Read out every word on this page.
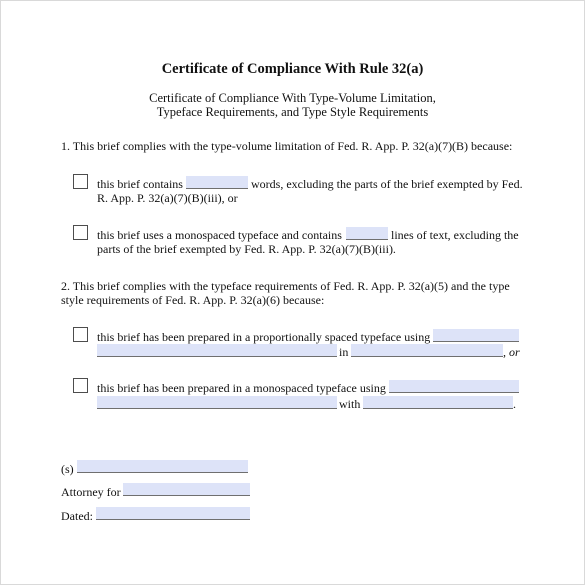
Certificate of Compliance With Rule 32(a)
Certificate of Compliance With Type-Volume Limitation,
Typeface Requirements, and Type Style Requirements
1. This brief complies with the type-volume limitation of Fed. R. App. P. 32(a)(7)(B) because:
this brief contains	words, excluding the parts of the brief exempted by Fed.
R. App. P. 32(a)(7)(B)(iii), or
this brief uses a monospaced typeface and contains	lines of text, excluding the
parts of the brief exempted by Fed. R. App. P. 32(a)(7)(B)(iii).
2. This brief complies with the typeface requirements of Fed. R. App. P. 32(a)(5) and the type
style requirements of Fed. R. App. P. 32(a)(6) because:
this brief has been prepared in a proportionally spaced typeface using
in	, or
this brief has been prepared in a monospaced typeface using
with	.
(s)
Attorney for
Dated:
